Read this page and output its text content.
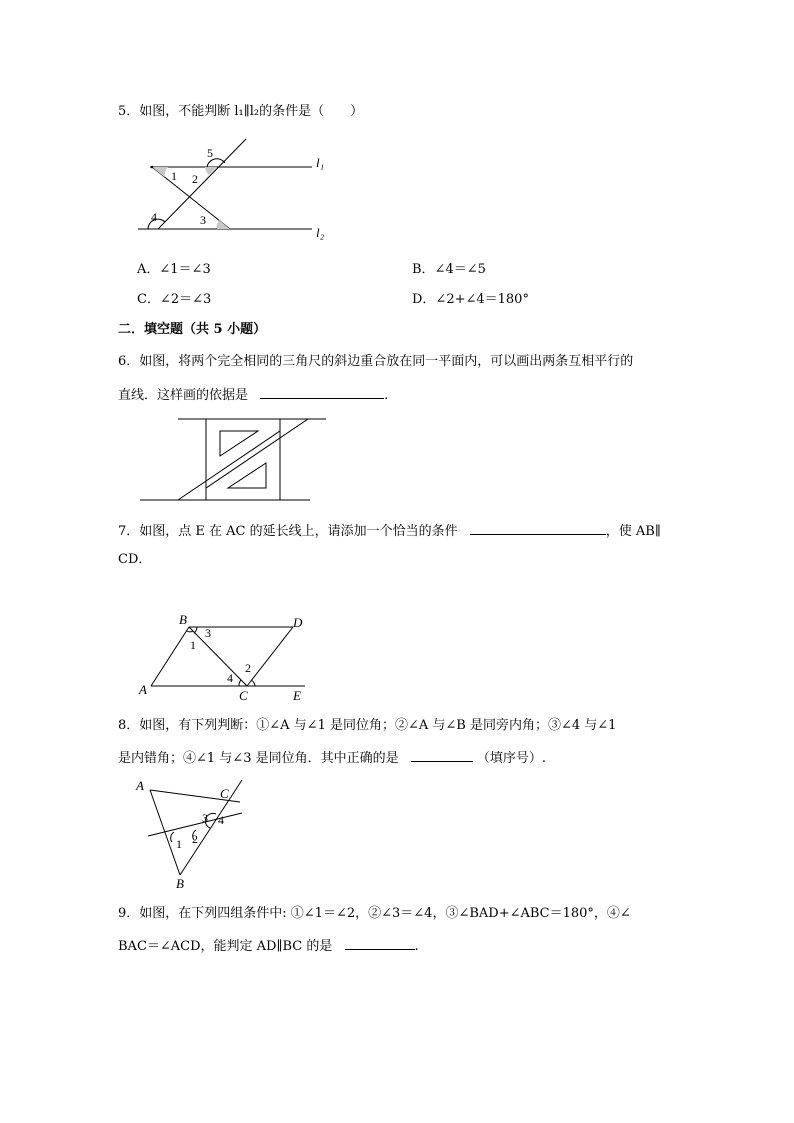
5．如图，不能判断 l₁∥l₂的条件是（　　）
1 2
3
4
5
l₁
l₂
A．∠1＝∠3	B．∠4＝∠5
C．∠2＝∠3	D．∠2+∠4＝180°
二．填空题（共 5 小题）
6．如图，将两个完全相同的三角尺的斜边重合放在同一平面内，可以画出两条互相平行的
直线．这样画的依据是	.
7．如图，点 E 在 AC 的延长线上，请添加一个恰当的条件	，使 AB∥
CD．
B	D
A	C	E
1
2
3
4
8．如图，有下列判断：①∠A 与∠1 是同位角；②∠A 与∠B 是同旁内角；③∠4 与∠1
是内错角；④∠1 与∠3 是同位角．其中正确的是	（填序号）.
A
C
B
1 2
3 4
9．如图，在下列四组条件中: ①∠1＝∠2，②∠3＝∠4，③∠BAD+∠ABC＝180°，④∠
BAC＝∠ACD，能判定 AD∥BC 的是	.
